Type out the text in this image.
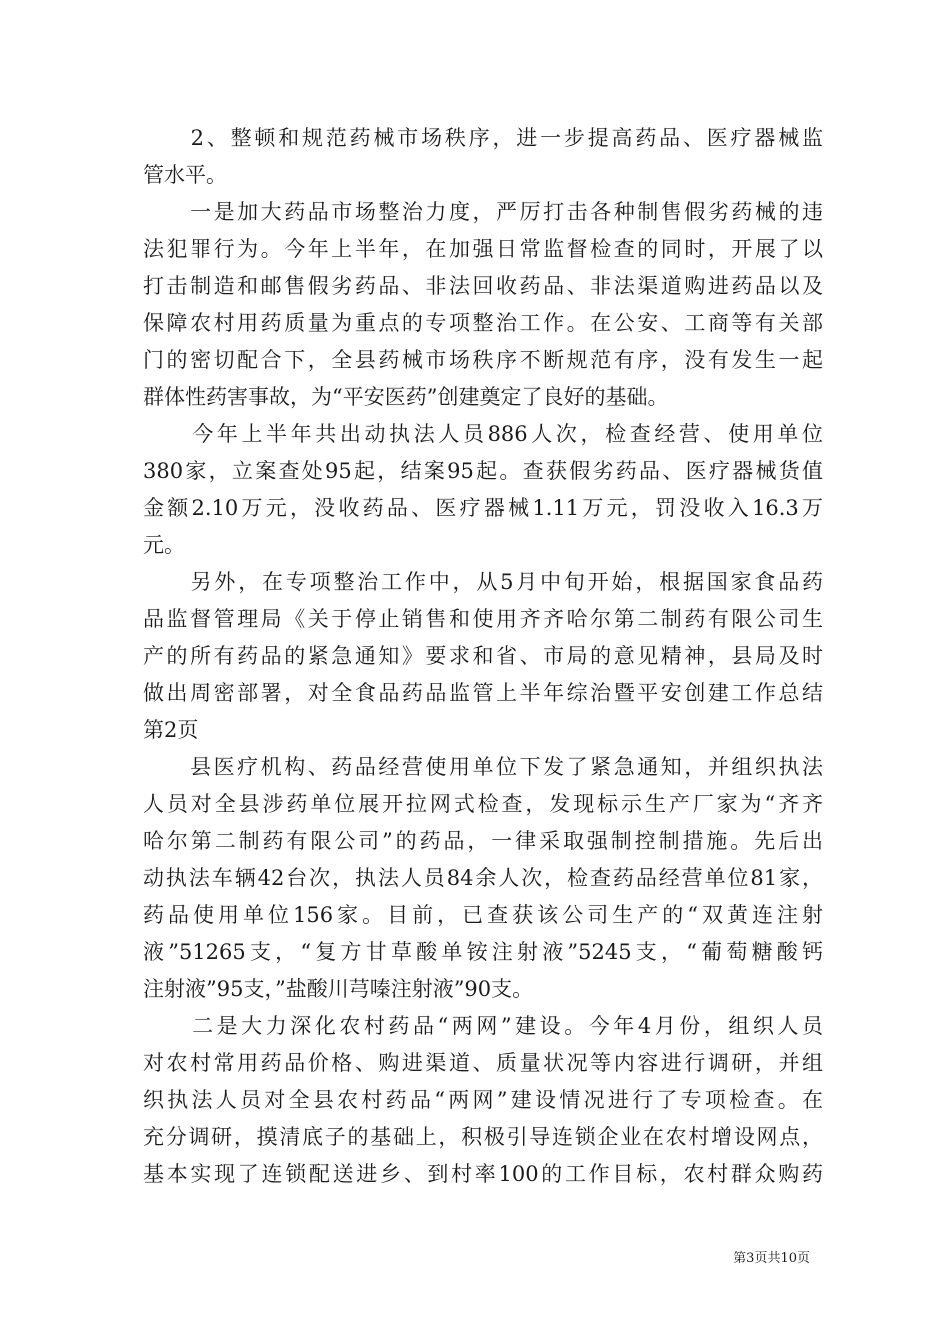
　　2、整顿和规范药械市场秩序，进一步提高药品、医疗器械监
管水平。
　　一是加大药品市场整治力度，严厉打击各种制售假劣药械的违
法犯罪行为。今年上半年，在加强日常监督检查的同时，开展了以
打击制造和邮售假劣药品、非法回收药品、非法渠道购进药品以及
保障农村用药质量为重点的专项整治工作。在公安、工商等有关部
门的密切配合下，全县药械市场秩序不断规范有序，没有发生一起
群体性药害事故，为“平安医药”创建奠定了良好的基础。
　　今年上半年共出动执法人员886人次，检查经营、使用单位
380家，立案查处95起，结案95起。查获假劣药品、医疗器械货值
金额2.10万元，没收药品、医疗器械1.11万元，罚没收入16.3万
元。
　　另外，在专项整治工作中，从5月中旬开始，根据国家食品药
品监督管理局《关于停止销售和使用齐齐哈尔第二制药有限公司生
产的所有药品的紧急通知》要求和省、市局的意见精神，县局及时
做出周密部署，对全食品药品监管上半年综治暨平安创建工作总结
第2页
　　县医疗机构、药品经营使用单位下发了紧急通知，并组织执法
人员对全县涉药单位展开拉网式检查，发现标示生产厂家为“齐齐
哈尔第二制药有限公司”的药品，一律采取强制控制措施。先后出
动执法车辆42台次，执法人员84余人次，检查药品经营单位81家，
药品使用单位156家。目前，已查获该公司生产的“双黄连注射
液”51265支，“复方甘草酸单铵注射液”5245支，“葡萄糖酸钙
注射液”95支，”盐酸川芎嗪注射液”90支。
　　二是大力深化农村药品“两网”建设。今年4月份，组织人员
对农村常用药品价格、购进渠道、质量状况等内容进行调研，并组
织执法人员对全县农村药品“两网”建设情况进行了专项检查。在
充分调研，摸清底子的基础上，积极引导连锁企业在农村增设网点，
基本实现了连锁配送进乡、到村率100的工作目标，农村群众购药
第3页共10页
